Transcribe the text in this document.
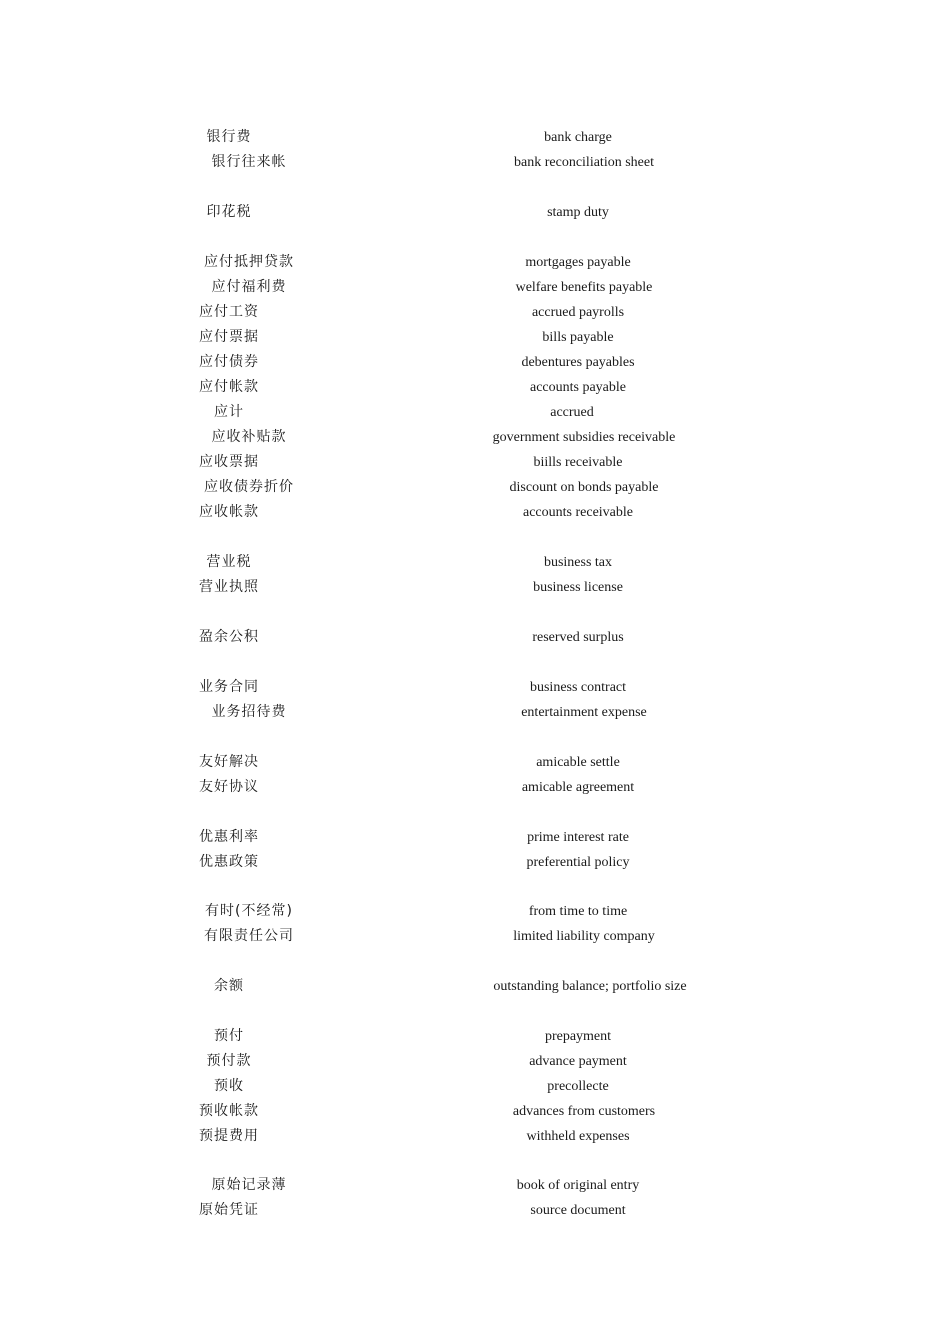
银行费	bank charge
银行往来帐	bank reconciliation sheet
印花税	stamp duty
应付抵押贷款	mortgages payable
应付福利费	welfare benefits payable
应付工资	accrued payrolls
应付票据	bills payable
应付债券	debentures payables
应付帐款	accounts payable
应计	accrued
应收补贴款	government subsidies receivable
应收票据	biills receivable
应收债券折价	discount on bonds payable
应收帐款	accounts receivable
营业税	business tax
营业执照	business license
盈余公积	reserved surplus
业务合同	business contract
业务招待费	entertainment expense
友好解决	amicable settle
友好协议	amicable agreement
优惠利率	prime interest rate
优惠政策	preferential policy
有时(不经常)	from time to time
有限责任公司	limited liability company
余额	outstanding balance; portfolio size
预付	prepayment
预付款	advance payment
预收	precollecte
预收帐款	advances from customers
预提费用	withheld expenses
原始记录薄	book of original entry
原始凭证	source document
